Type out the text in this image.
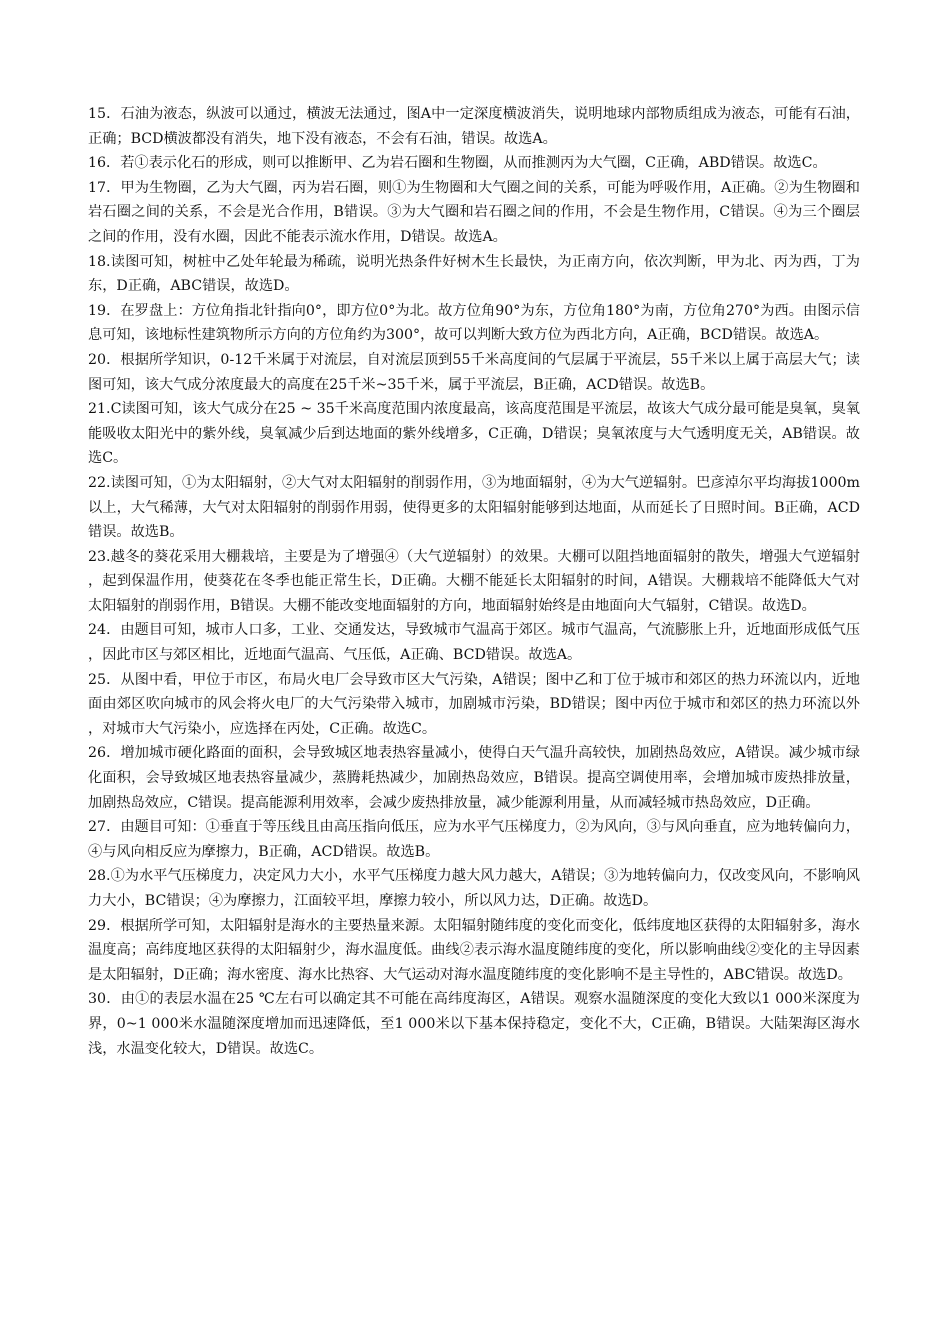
15．石油为液态，纵波可以通过，横波无法通过，图A中一定深度横波消失，说明地球内部物质组成为液态，可能有石油，正确；BCD横波都没有消失，地下没有液态，不会有石油，错误。故选A。

16．若①表示化石的形成，则可以推断甲、乙为岩石圈和生物圈，从而推测丙为大气圈，C正确，ABD错误。故选C。

17．甲为生物圈，乙为大气圈，丙为岩石圈，则①为生物圈和大气圈之间的关系，可能为呼吸作用，A正确。②为生物圈和岩石圈之间的关系，不会是光合作用，B错误。③为大气圈和岩石圈之间的作用，不会是生物作用，C错误。④为三个圈层之间的作用，没有水圈，因此不能表示流水作用，D错误。故选A。

18.读图可知，树桩中乙处年轮最为稀疏，说明光热条件好树木生长最快，为正南方向，依次判断，甲为北、丙为西，丁为东，D正确，ABC错误，故选D。

19．在罗盘上：方位角指北针指向0°，即方位0°为北。故方位角90°为东，方位角180°为南，方位角270°为西。由图示信息可知，该地标性建筑物所示方向的方位角约为300°，故可以判断大致方位为西北方向，A正确，BCD错误。故选A。

20．根据所学知识，0-12千米属于对流层，自对流层顶到55千米高度间的气层属于平流层，55千米以上属于高层大气；读图可知，该大气成分浓度最大的高度在25千米~35千米，属于平流层，B正确，ACD错误。故选B。

21.C读图可知，该大气成分在25 ~ 35千米高度范围内浓度最高，该高度范围是平流层，故该大气成分最可能是臭氧，臭氧能吸收太阳光中的紫外线，臭氧减少后到达地面的紫外线增多，C正确，D错误；臭氧浓度与大气透明度无关，AB错误。故选C。

22.读图可知，①为太阳辐射，②大气对太阳辐射的削弱作用，③为地面辐射，④为大气逆辐射。巴彦淖尔平均海拔1000m以上，大气稀薄，大气对太阳辐射的削弱作用弱，使得更多的太阳辐射能够到达地面，从而延长了日照时间。B正确，ACD错误。故选B。

23.越冬的葵花采用大棚栽培，主要是为了增强④（大气逆辐射）的效果。大棚可以阻挡地面辐射的散失，增强大气逆辐射，起到保温作用，使葵花在冬季也能正常生长，D正确。大棚不能延长太阳辐射的时间，A错误。大棚栽培不能降低大气对太阳辐射的削弱作用，B错误。大棚不能改变地面辐射的方向，地面辐射始终是由地面向大气辐射，C错误。故选D。

24．由题目可知，城市人口多，工业、交通发达，导致城市气温高于郊区。城市气温高，气流膨胀上升，近地面形成低气压，因此市区与郊区相比，近地面气温高、气压低，A正确、BCD错误。故选A。

25．从图中看，甲位于市区，布局火电厂会导致市区大气污染，A错误；图中乙和丁位于城市和郊区的热力环流以内，近地面由郊区吹向城市的风会将火电厂的大气污染带入城市，加剧城市污染，BD错误；图中丙位于城市和郊区的热力环流以外，对城市大气污染小，应选择在丙处，C正确。故选C。

26．增加城市硬化路面的面积，会导致城区地表热容量减小，使得白天气温升高较快，加剧热岛效应，A错误。减少城市绿化面积，会导致城区地表热容量减少，蒸腾耗热减少，加剧热岛效应，B错误。提高空调使用率，会增加城市废热排放量，加剧热岛效应，C错误。提高能源利用效率，会减少废热排放量，减少能源利用量，从而减轻城市热岛效应，D正确。

27．由题目可知：①垂直于等压线且由高压指向低压，应为水平气压梯度力，②为风向，③与风向垂直，应为地转偏向力，④与风向相反应为摩擦力，B正确，ACD错误。故选B。

28.①为水平气压梯度力，决定风力大小，水平气压梯度力越大风力越大，A错误；③为地转偏向力，仅改变风向，不影响风力大小，BC错误；④为摩擦力，江面较平坦，摩擦力较小，所以风力达，D正确。故选D。

29．根据所学可知，太阳辐射是海水的主要热量来源。太阳辐射随纬度的变化而变化，低纬度地区获得的太阳辐射多，海水温度高；高纬度地区获得的太阳辐射少，海水温度低。曲线②表示海水温度随纬度的变化，所以影响曲线②变化的主导因素是太阳辐射，D正确；海水密度、海水比热容、大气运动对海水温度随纬度的变化影响不是主导性的，ABC错误。故选D。

30．由①的表层水温在25 ℃左右可以确定其不可能在高纬度海区，A错误。观察水温随深度的变化大致以1 000米深度为界，0~1 000米水温随深度增加而迅速降低，至1 000米以下基本保持稳定，变化不大，C正确，B错误。大陆架海区海水浅，水温变化较大，D错误。故选C。
